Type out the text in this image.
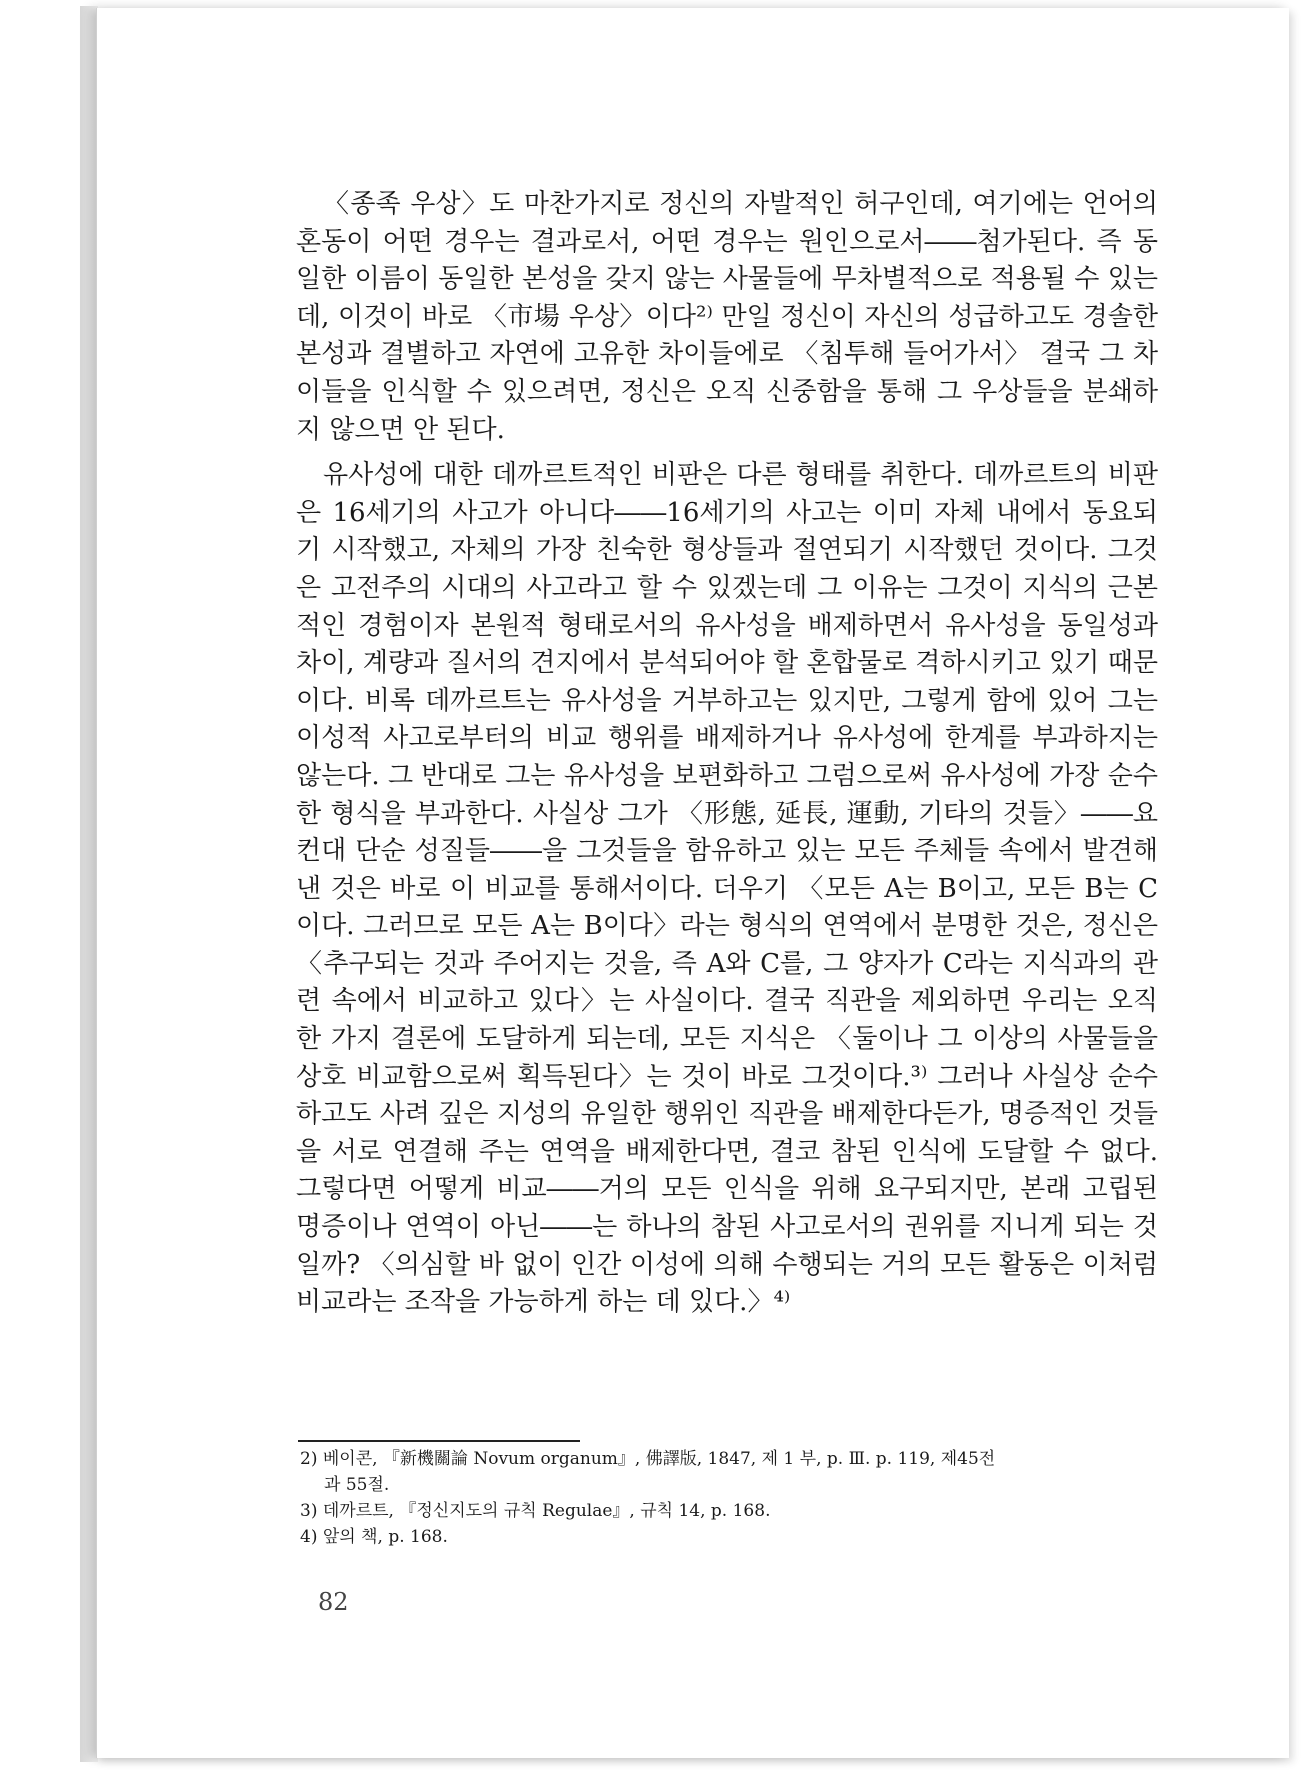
〈종족 우상〉도 마찬가지로 정신의 자발적인 허구인데, 여기에는 언어의 혼동이 어떤 경우는 결과로서, 어떤 경우는 원인으로서――첨가된다. 즉 동일한 이름이 동일한 본성을 갖지 않는 사물들에 무차별적으로 적용될 수 있는데, 이것이 바로 〈市場 우상〉이다²⁾ 만일 정신이 자신의 성급하고도 경솔한 본성과 결별하고 자연에 고유한 차이들에로 〈침투해 들어가서〉 결국 그 차이들을 인식할 수 있으려면, 정신은 오직 신중함을 통해 그 우상들을 분쇄하지 않으면 안 된다.

유사성에 대한 데까르트적인 비판은 다른 형태를 취한다. 데까르트의 비판은 16세기의 사고가 아니다――16세기의 사고는 이미 자체 내에서 동요되기 시작했고, 자체의 가장 친숙한 형상들과 절연되기 시작했던 것이다. 그것은 고전주의 시대의 사고라고 할 수 있겠는데 그 이유는 그것이 지식의 근본적인 경험이자 본원적 형태로서의 유사성을 배제하면서 유사성을 동일성과 차이, 계량과 질서의 견지에서 분석되어야 할 혼합물로 격하시키고 있기 때문이다. 비록 데까르트는 유사성을 거부하고는 있지만, 그렇게 함에 있어 그는 이성적 사고로부터의 비교 행위를 배제하거나 유사성에 한계를 부과하지는 않는다. 그 반대로 그는 유사성을 보편화하고 그럼으로써 유사성에 가장 순수한 형식을 부과한다. 사실상 그가 〈形態, 延長, 運動, 기타의 것들〉――요컨대 단순 성질들――을 그것들을 함유하고 있는 모든 주체들 속에서 발견해낸 것은 바로 이 비교를 통해서이다. 더우기 〈모든 A는 B이고, 모든 B는 C이다. 그러므로 모든 A는 B이다〉라는 형식의 연역에서 분명한 것은, 정신은 〈추구되는 것과 주어지는 것을, 즉 A와 C를, 그 양자가 C라는 지식과의 관련 속에서 비교하고 있다〉는 사실이다. 결국 직관을 제외하면 우리는 오직 한 가지 결론에 도달하게 되는데, 모든 지식은 〈둘이나 그 이상의 사물들을 상호 비교함으로써 획득된다〉는 것이 바로 그것이다.³⁾ 그러나 사실상 순수하고도 사려 깊은 지성의 유일한 행위인 직관을 배제한다든가, 명증적인 것들을 서로 연결해 주는 연역을 배제한다면, 결코 참된 인식에 도달할 수 없다. 그렇다면 어떻게 비교――거의 모든 인식을 위해 요구되지만, 본래 고립된 명증이나 연역이 아닌――는 하나의 참된 사고로서의 권위를 지니게 되는 것일까? 〈의심할 바 없이 인간 이성에 의해 수행되는 거의 모든 활동은 이처럼 비교라는 조작을 가능하게 하는 데 있다.〉⁴⁾

2) 베이콘, 『新機關論 Novum organum』, 佛譯版, 1847, 제 1 부, p. Ⅲ. p. 119, 제45전
과 55절.

3) 데까르트, 『정신지도의 규칙 Regulae』, 규칙 14, p. 168.

4) 앞의 책, p. 168.

82
